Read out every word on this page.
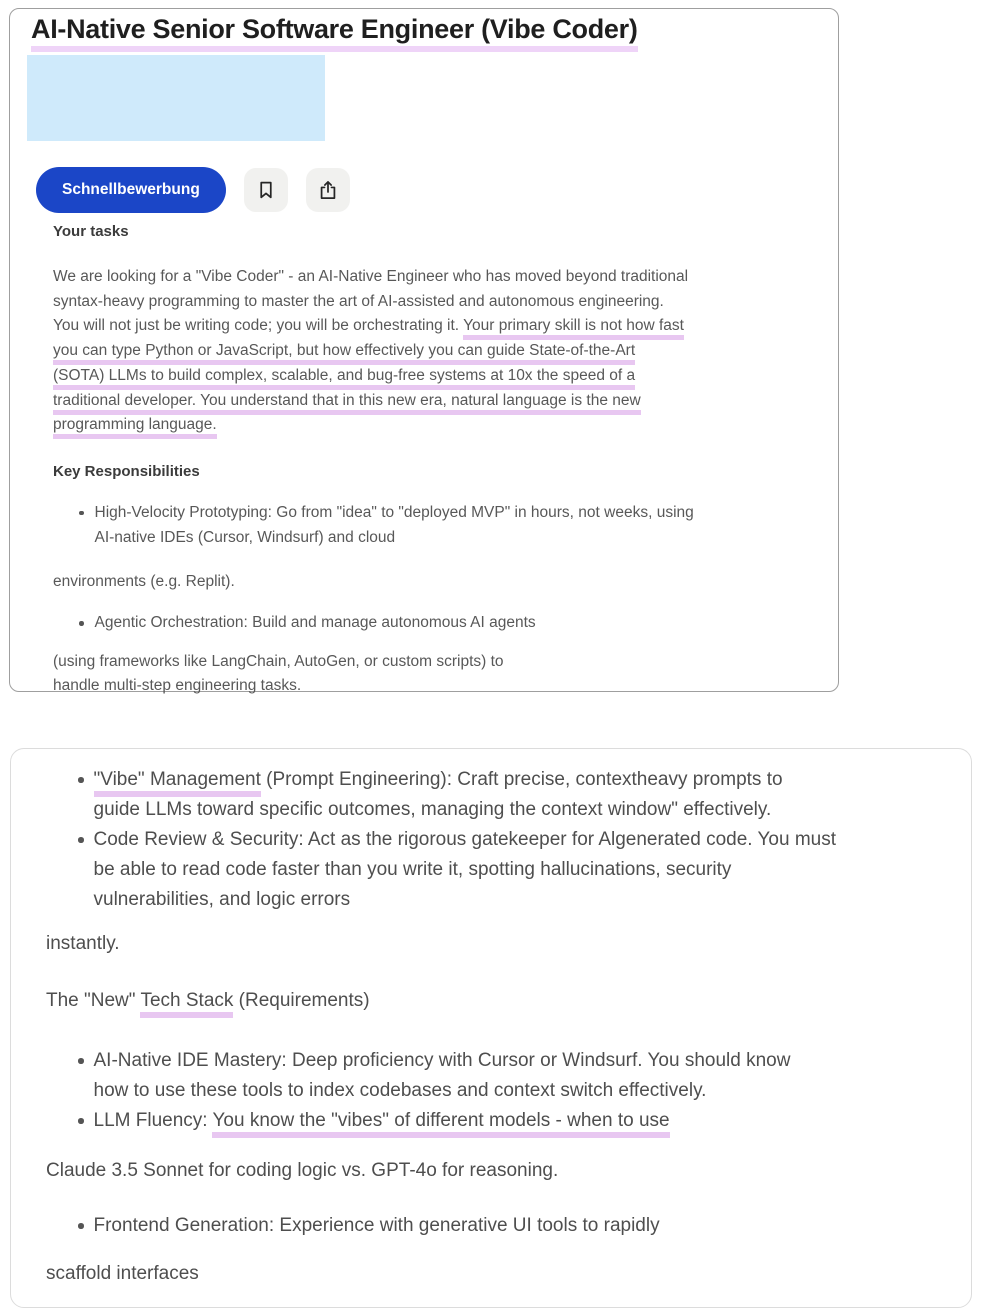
AI-Native Senior Software Engineer (Vibe Coder)
Schnellbewerbung
Your tasks
We are looking for a "Vibe Coder" - an AI-Native Engineer who has moved beyond traditional
syntax-heavy programming to master the art of AI-assisted and autonomous engineering.
You will not just be writing code; you will be orchestrating it. Your primary skill is not how fast
you can type Python or JavaScript, but how effectively you can guide State-of-the-Art
(SOTA) LLMs to build complex, scalable, and bug-free systems at 10x the speed of a
traditional developer. You understand that in this new era, natural language is the new
programming language.
Key Responsibilities
High-Velocity Prototyping: Go from "idea" to "deployed MVP" in hours, not weeks, using
AI-native IDEs (Cursor, Windsurf) and cloud
environments (e.g. Replit).
Agentic Orchestration: Build and manage autonomous AI agents
(using frameworks like LangChain, AutoGen, or custom scripts) to
handle multi-step engineering tasks.
"Vibe" Management (Prompt Engineering): Craft precise, contextheavy prompts to
guide LLMs toward specific outcomes, managing the context window" effectively.
Code Review & Security: Act as the rigorous gatekeeper for Algenerated code. You must
be able to read code faster than you write it, spotting hallucinations, security
vulnerabilities, and logic errors
instantly.
The "New" Tech Stack (Requirements)
AI-Native IDE Mastery: Deep proficiency with Cursor or Windsurf. You should know
how to use these tools to index codebases and context switch effectively.
LLM Fluency: You know the "vibes" of different models - when to use
Claude 3.5 Sonnet for coding logic vs. GPT-4o for reasoning.
Frontend Generation: Experience with generative UI tools to rapidly
scaffold interfaces
